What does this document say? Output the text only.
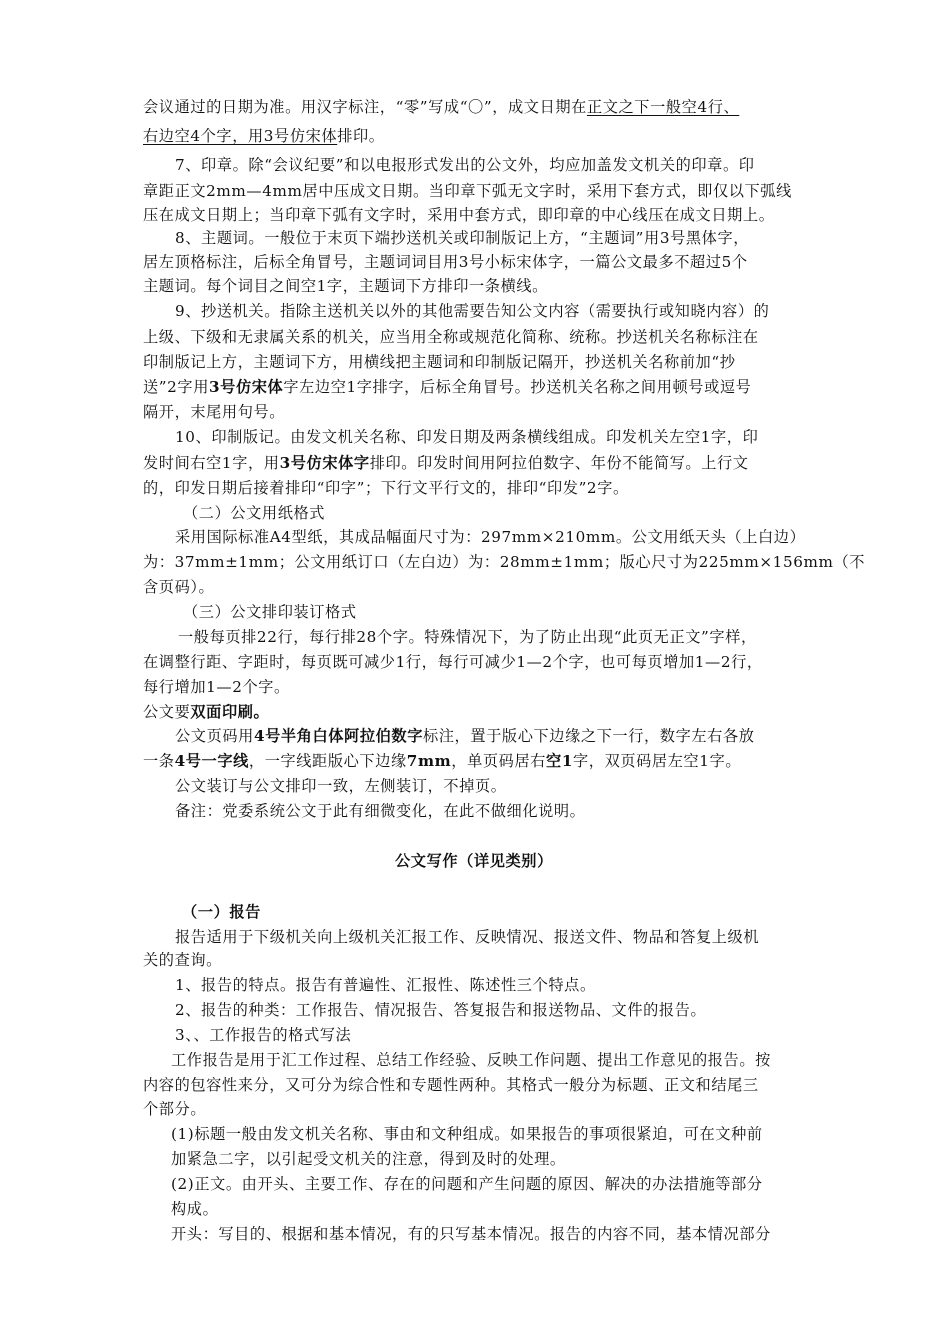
会议通过的日期为准。用汉字标注，“零”写成“〇”，成文日期在正文之下一般空4行、
右边空4个字，用3号仿宋体排印。
7、印章。除“会议纪要”和以电报形式发出的公文外，均应加盖发文机关的印章。印
章距正文2mm—4mm居中压成文日期。当印章下弧无文字时，采用下套方式，即仅以下弧线
压在成文日期上；当印章下弧有文字时，采用中套方式，即印章的中心线压在成文日期上。
8、主题词。一般位于末页下端抄送机关或印制版记上方，“主题词”用3号黑体字，
居左顶格标注，后标全角冒号，主题词词目用3号小标宋体字，一篇公文最多不超过5个
主题词。每个词目之间空1字，主题词下方排印一条横线。
9、抄送机关。指除主送机关以外的其他需要告知公文内容（需要执行或知晓内容）的
上级、下级和无隶属关系的机关，应当用全称或规范化简称、统称。抄送机关名称标注在
印制版记上方，主题词下方，用横线把主题词和印制版记隔开，抄送机关名称前加“抄
送”2字用3号仿宋体字左边空1字排字，后标全角冒号。抄送机关名称之间用顿号或逗号
隔开，末尾用句号。
10、印制版记。由发文机关名称、印发日期及两条横线组成。印发机关左空1字，印
发时间右空1字，用3号仿宋体字排印。印发时间用阿拉伯数字、年份不能简写。上行文
的，印发日期后接着排印“印字”；下行文平行文的，排印“印发”2字。
（二）公文用纸格式
采用国际标准A4型纸，其成品幅面尺寸为：297mm×210mm。公文用纸天头（上白边）
为：37mm±1mm；公文用纸订口（左白边）为：28mm±1mm；版心尺寸为225mm×156mm（不
含页码）。
（三）公文排印装订格式
一般每页排22行，每行排28个字。特殊情况下，为了防止出现“此页无正文”字样，
在调整行距、字距时，每页既可减少1行，每行可减少1—2个字，也可每页增加1—2行，
每行增加1—2个字。
公文要双面印刷。
公文页码用4号半角白体阿拉伯数字标注，置于版心下边缘之下一行，数字左右各放
一条4号一字线，一字线距版心下边缘7mm，单页码居右空1字，双页码居左空1字。
公文装订与公文排印一致，左侧装订，不掉页。
备注：党委系统公文于此有细微变化，在此不做细化说明。
公文写作（详见类别）
（一）报告
报告适用于下级机关向上级机关汇报工作、反映情况、报送文件、物品和答复上级机
关的查询。
1、报告的特点。报告有普遍性、汇报性、陈述性三个特点。
2、报告的种类：工作报告、情况报告、答复报告和报送物品、文件的报告。
3、、工作报告的格式写法
工作报告是用于汇工作过程、总结工作经验、反映工作问题、提出工作意见的报告。按
内容的包容性来分，又可分为综合性和专题性两种。其格式一般分为标题、正文和结尾三
个部分。
(1)标题一般由发文机关名称、事由和文种组成。如果报告的事项很紧迫，可在文种前
加紧急二字，以引起受文机关的注意，得到及时的处理。
(2)正文。由开头、主要工作、存在的问题和产生问题的原因、解决的办法措施等部分
构成。
开头：写目的、根据和基本情况，有的只写基本情况。报告的内容不同，基本情况部分
